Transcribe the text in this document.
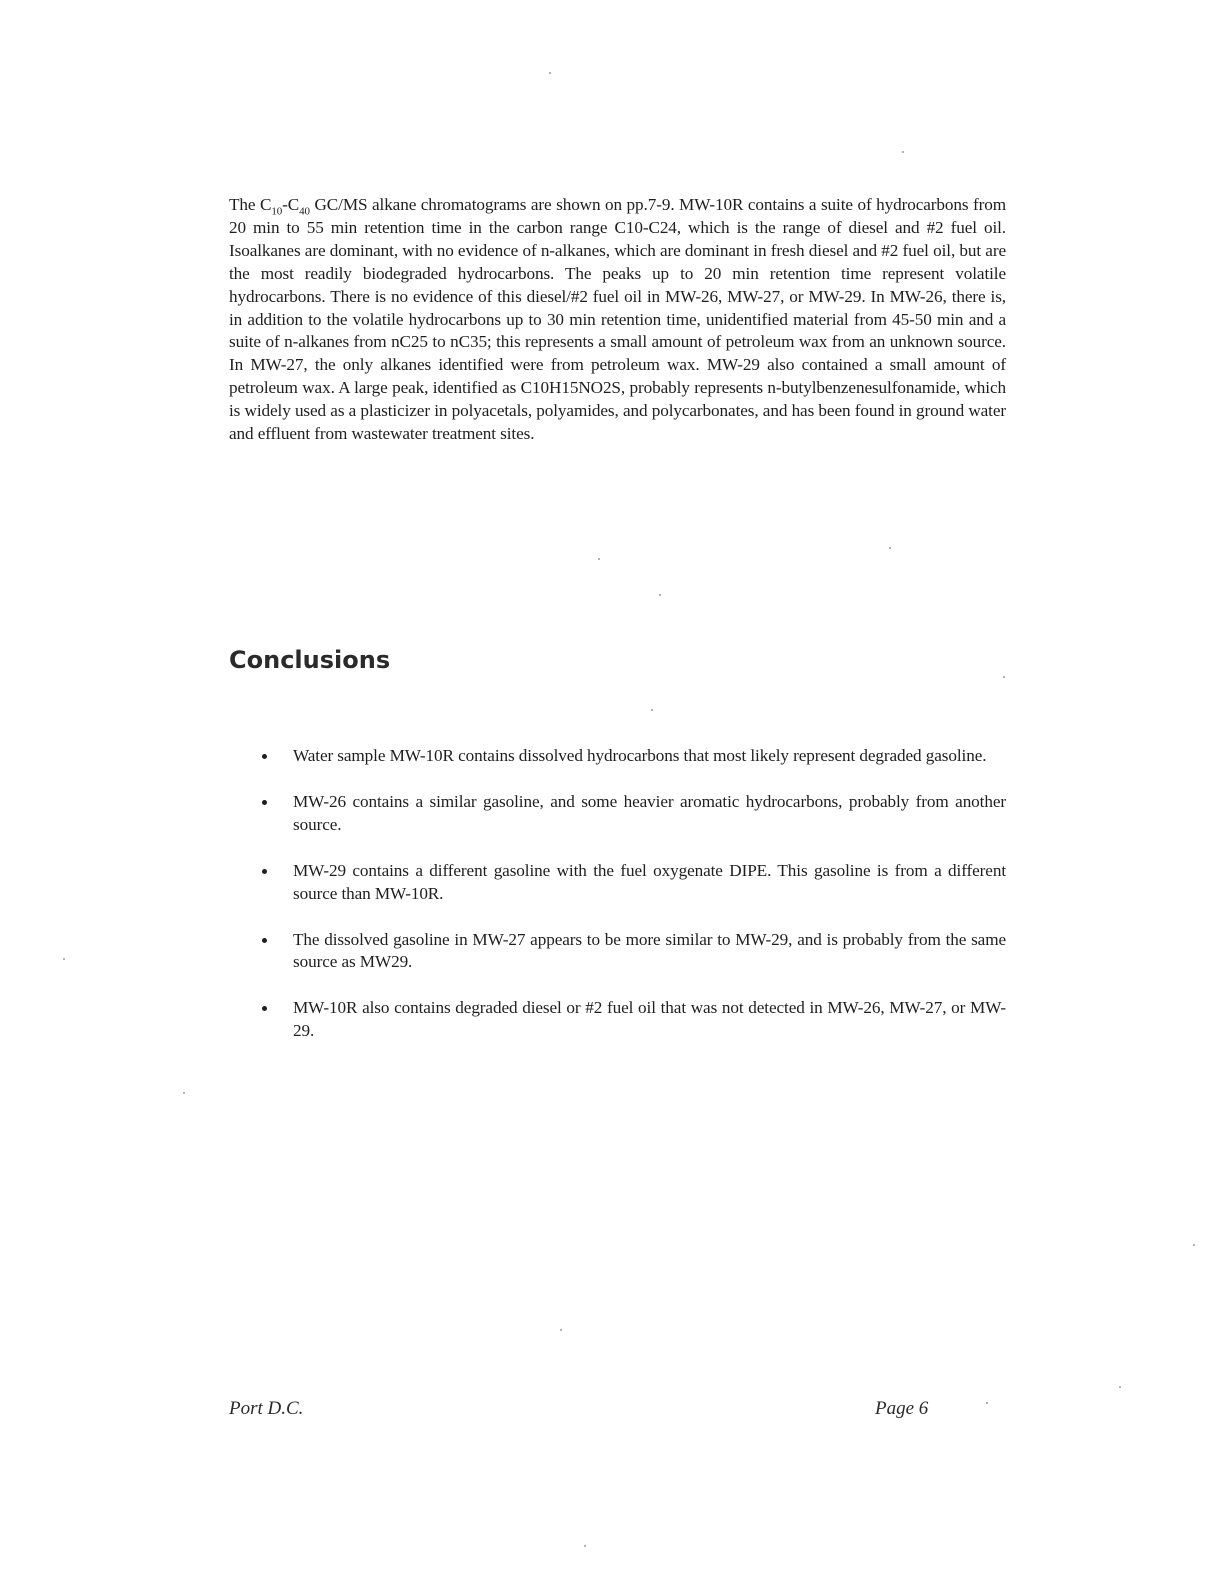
The $C_{10}-C_{40}$ GC/MS alkane chromatograms are shown on pp.7-9. MW-10R contains a suite of hydrocarbons from 20 min to 55 min retention time in the carbon range C10-C24, which is the range of diesel and #2 fuel oil. Isoalkanes are dominant, with no evidence of n-alkanes, which are dominant in fresh diesel and #2 fuel oil, but are the most readily biodegraded hydrocarbons. The peaks up to 20 min retention time represent volatile hydrocarbons. There is no evidence of this diesel/#2 fuel oil in MW-26, MW-27, or MW-29. In MW-26, there is, in addition to the volatile hydrocarbons up to 30 min retention time, unidentified material from 45-50 min and a suite of n-alkanes from nC25 to nC35; this represents a small amount of petroleum wax from an unknown source. In MW-27, the only alkanes identified were from petroleum wax. MW-29 also contained a small amount of petroleum wax. A large peak, identified as C10H15NO2S, probably represents n-butylbenzenesulfonamide, which is widely used as a plasticizer in polyacetals, polyamides, and polycarbonates, and has been found in ground water and effluent from wastewater treatment sites.

Conclusions
Water sample MW-10R contains dissolved hydrocarbons that most likely represent degraded gasoline.
MW-26 contains a similar gasoline, and some heavier aromatic hydrocarbons, probably from another source.
MW-29 contains a different gasoline with the fuel oxygenate DIPE. This gasoline is from a different source than MW-10R.
The dissolved gasoline in MW-27 appears to be more similar to MW-29, and is probably from the same source as MW29.
MW-10R also contains degraded diesel or #2 fuel oil that was not detected in MW-26, MW-27, or MW-29.
Port D.C.	Page 6
